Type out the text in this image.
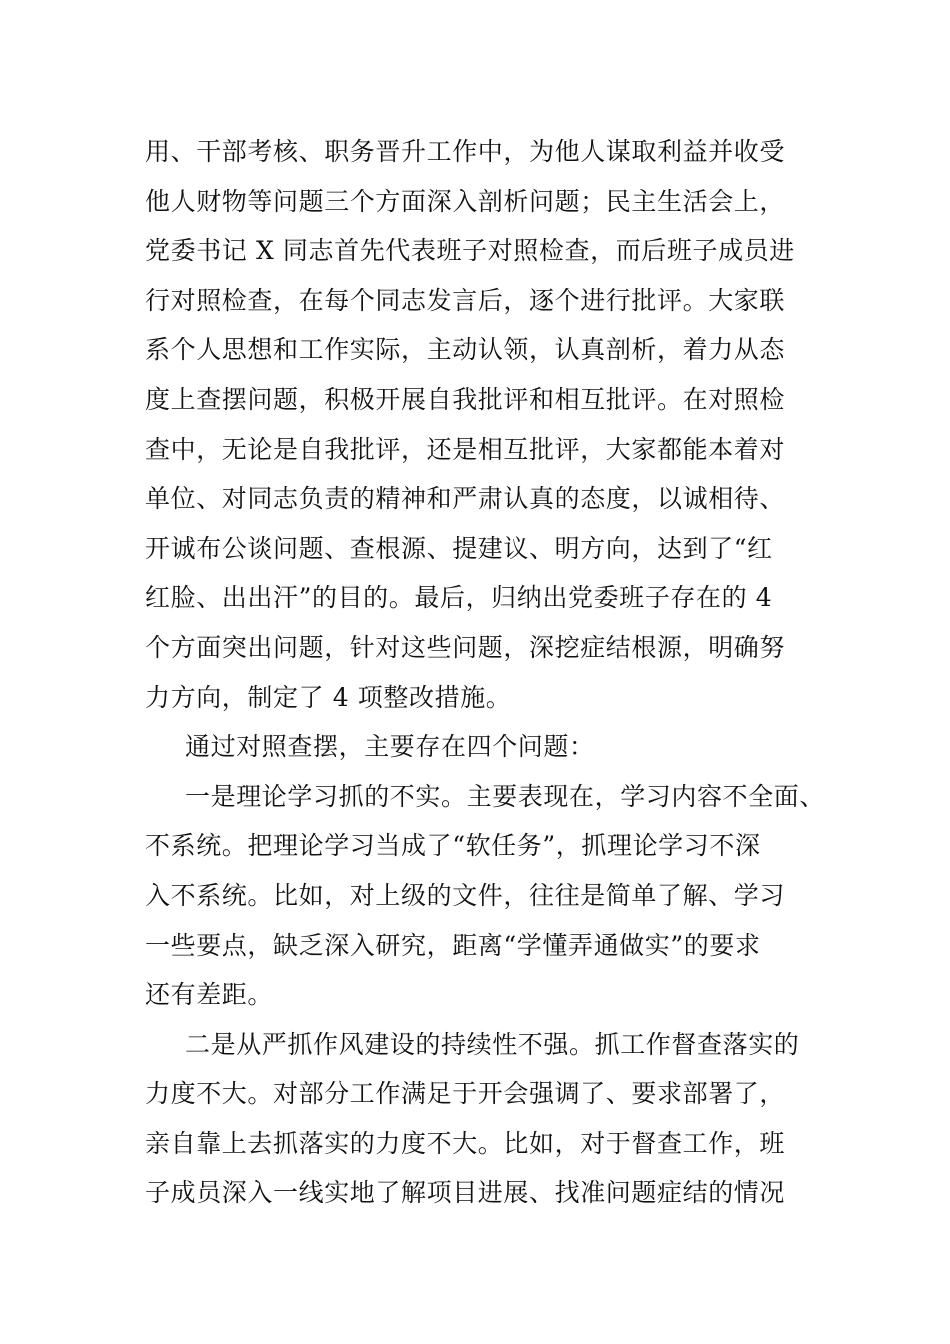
用、干部考核、职务晋升工作中，为他人谋取利益并收受
他人财物等问题三个方面深入剖析问题；民主生活会上，
党委书记 X 同志首先代表班子对照检查，而后班子成员进
行对照检查，在每个同志发言后，逐个进行批评。大家联
系个人思想和工作实际，主动认领，认真剖析，着力从态
度上查摆问题，积极开展自我批评和相互批评。在对照检
查中，无论是自我批评，还是相互批评，大家都能本着对
单位、对同志负责的精神和严肃认真的态度，以诚相待、
开诚布公谈问题、查根源、提建议、明方向，达到了“红
红脸、出出汗”的目的。最后，归纳出党委班子存在的 4
个方面突出问题，针对这些问题，深挖症结根源，明确努
力方向，制定了 4 项整改措施。
通过对照查摆，主要存在四个问题：
一是理论学习抓的不实。主要表现在，学习内容不全面、
不系统。把理论学习当成了“软任务”，抓理论学习不深
入不系统。比如，对上级的文件，往往是简单了解、学习
一些要点，缺乏深入研究，距离“学懂弄通做实”的要求
还有差距。
二是从严抓作风建设的持续性不强。抓工作督查落实的
力度不大。对部分工作满足于开会强调了、要求部署了，
亲自靠上去抓落实的力度不大。比如，对于督查工作，班
子成员深入一线实地了解项目进展、找准问题症结的情况
